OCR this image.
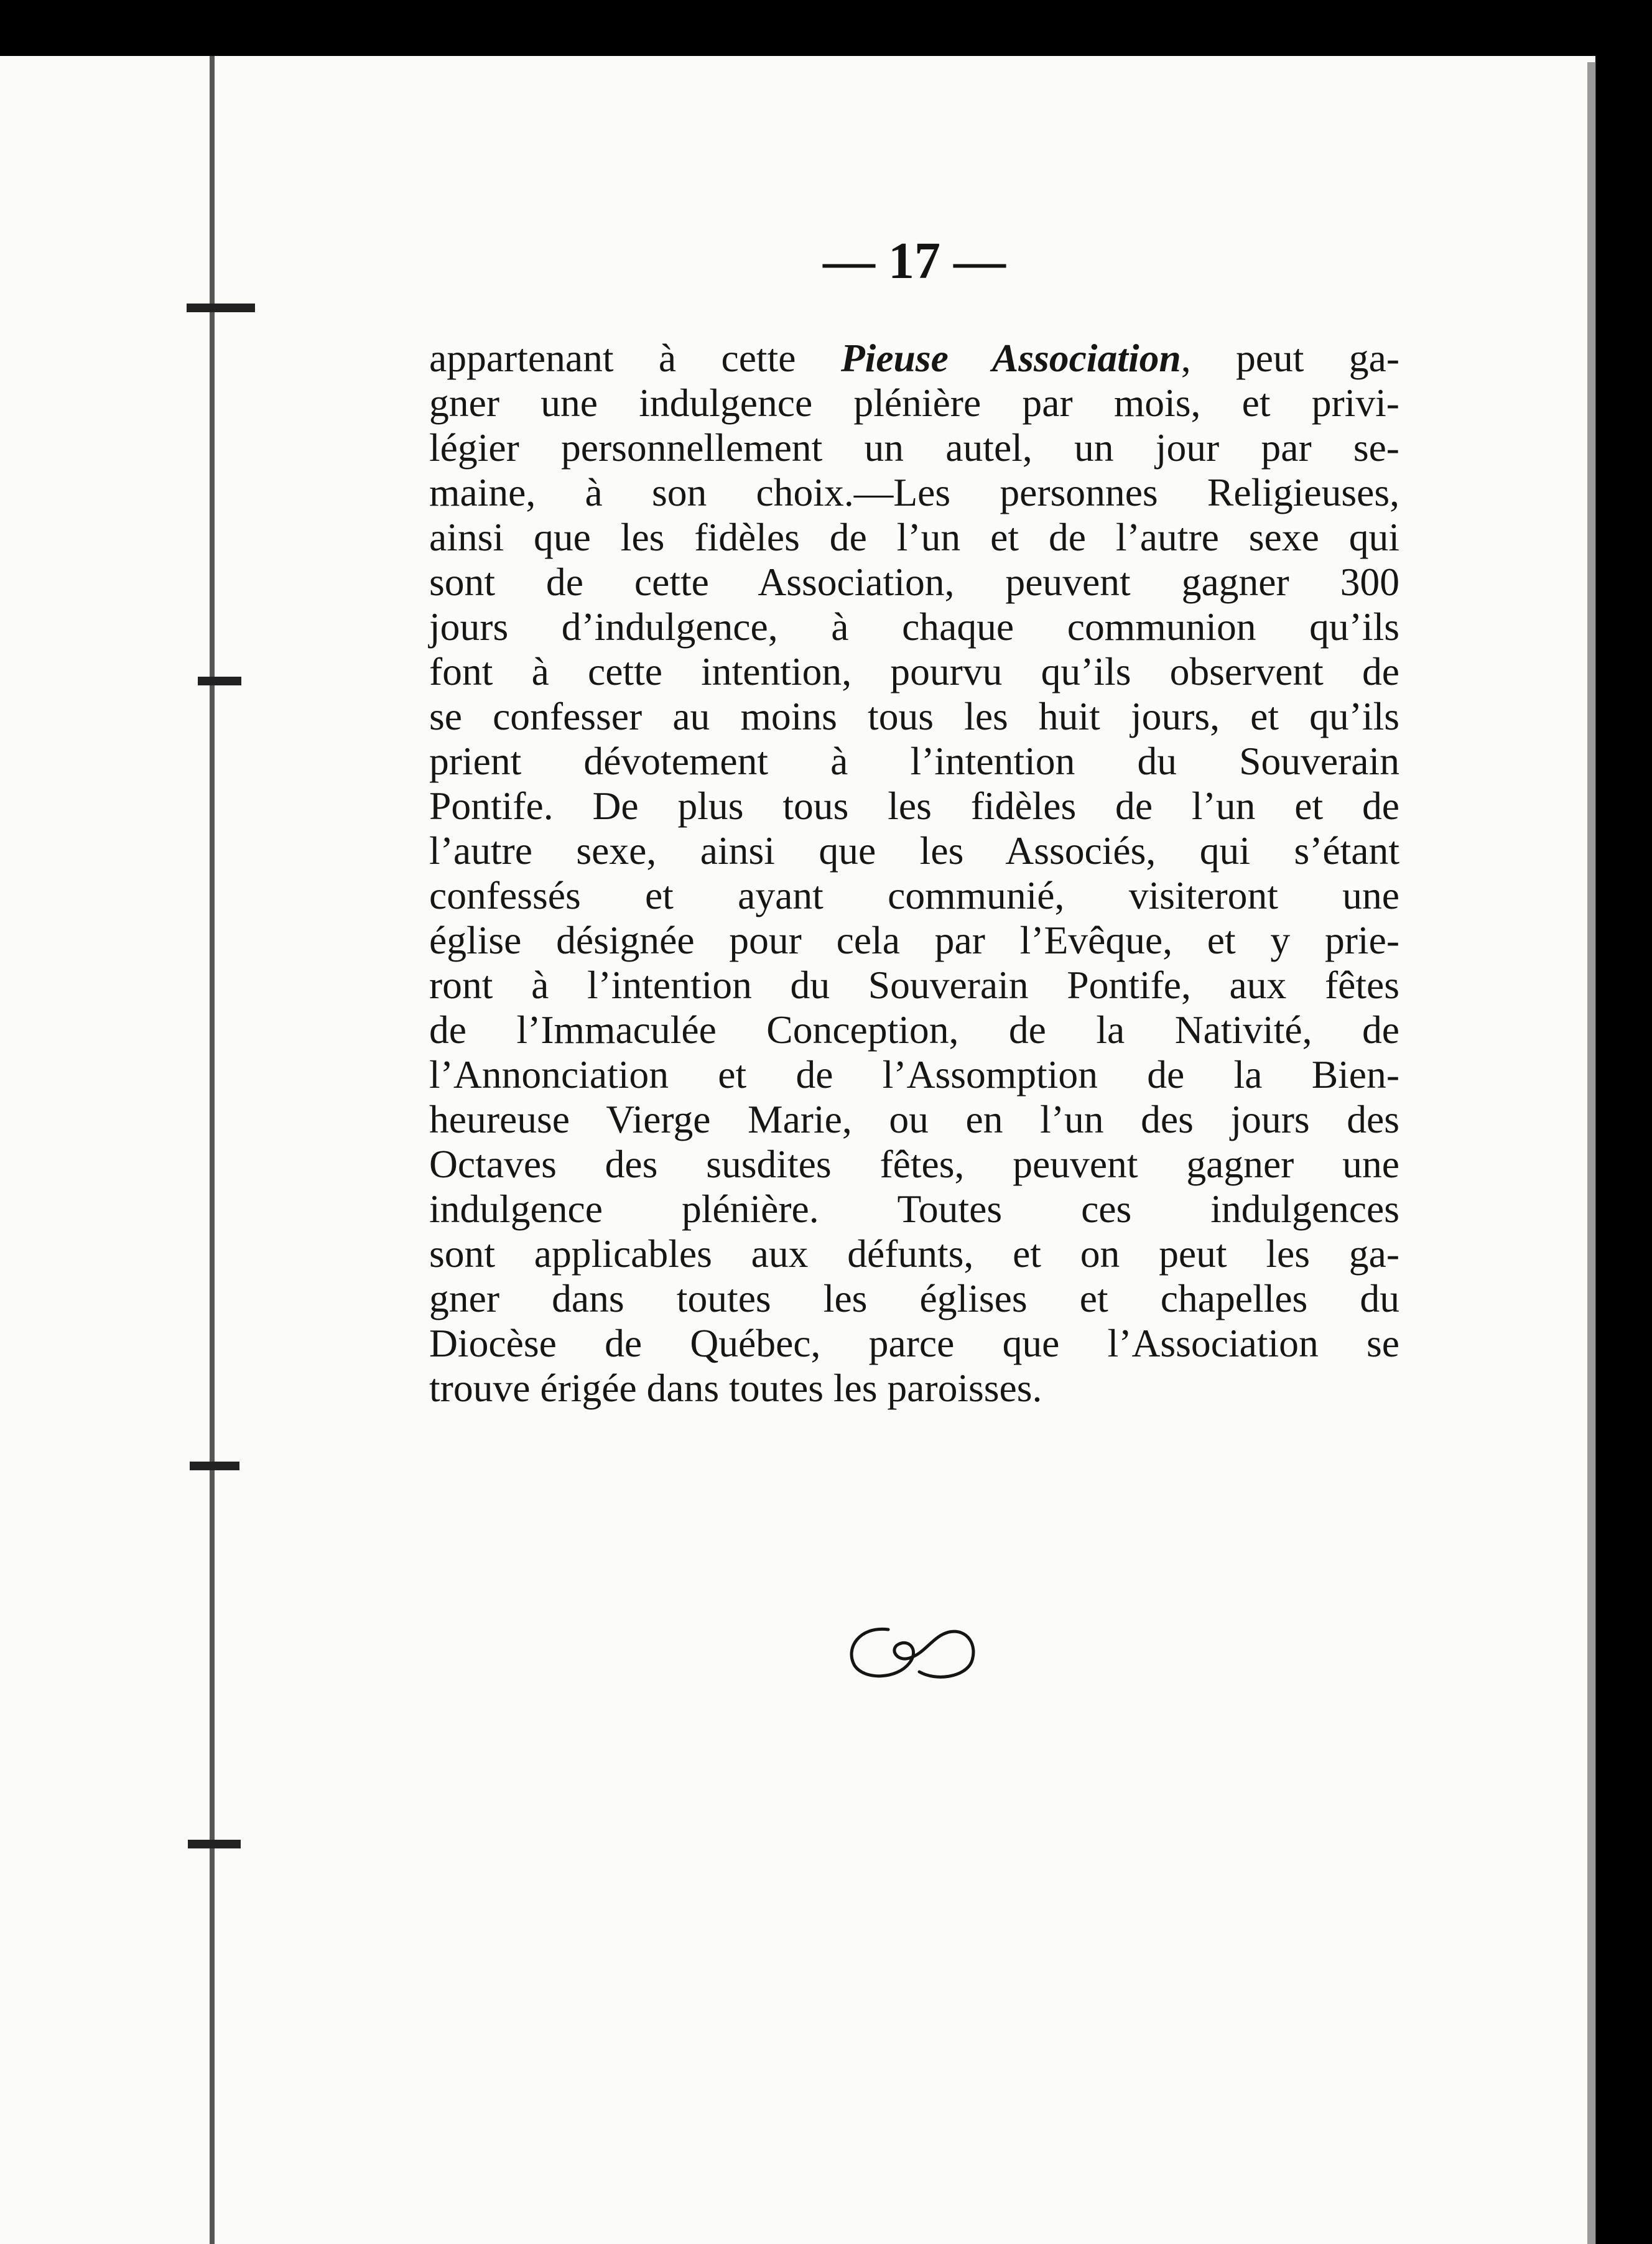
— 17 —
appartenant à cette Pieuse Association, peut ga-
gner une indulgence plénière par mois, et privi-
légier personnellement un autel, un jour par se-
maine, à son choix.—Les personnes Religieuses,
ainsi que les fidèles de l’un et de l’autre sexe qui
sont de cette Association, peuvent gagner 300
jours d’indulgence, à chaque communion qu’ils
font à cette intention, pourvu qu’ils observent de
se confesser au moins tous les huit jours, et qu’ils
prient dévotement à l’intention du Souverain
Pontife. De plus tous les fidèles de l’un et de
l’autre sexe, ainsi que les Associés, qui s’étant
confessés et ayant communié, visiteront une
église désignée pour cela par l’Evêque, et y prie-
ront à l’intention du Souverain Pontife, aux fêtes
de l’Immaculée Conception, de la Nativité, de
l’Annonciation et de l’Assomption de la Bien-
heureuse Vierge Marie, ou en l’un des jours des
Octaves des susdites fêtes, peuvent gagner une
indulgence plénière. Toutes ces indulgences
sont applicables aux défunts, et on peut les ga-
gner dans toutes les églises et chapelles du
Diocèse de Québec, parce que l’Association se
trouve érigée dans toutes les paroisses.
